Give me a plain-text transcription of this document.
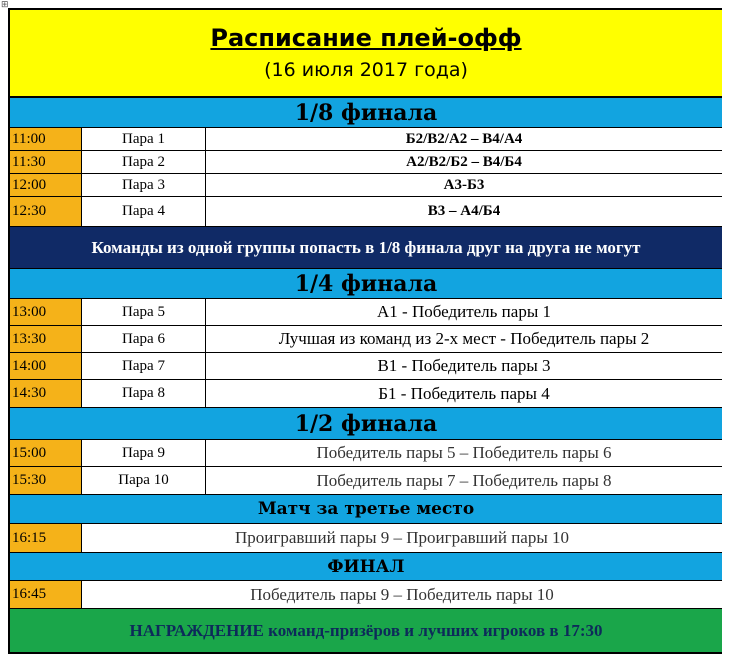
⊞
Расписание плей-офф
(16 июля 2017 года)
1/8 финала
11:00	Пара 1	Б2/В2/А2 – В4/А4
11:30	Пара 2	А2/В2/Б2 – В4/Б4
12:00	Пара 3	А3-Б3
12:30	Пара 4	В3 – А4/Б4
Команды из одной группы попасть в 1/8 финала друг на друга не могут
1/4 финала
13:00	Пара 5	А1 - Победитель пары 1
13:30	Пара 6	Лучшая из команд из 2-х мест - Победитель пары 2
14:00	Пара 7	В1 - Победитель пары 3
14:30	Пара 8	Б1 - Победитель пары 4
1/2 финала
15:00	Пара 9	Победитель пары 5 – Победитель пары 6
15:30	Пара 10	Победитель пары 7 – Победитель пары 8
Матч за третье место
16:15	Проигравший пары 9 – Проигравший пары 10
ФИНАЛ
16:45	Победитель пары 9 – Победитель пары 10
НАГРАЖДЕНИЕ команд-призёров и лучших игроков в 17:30
